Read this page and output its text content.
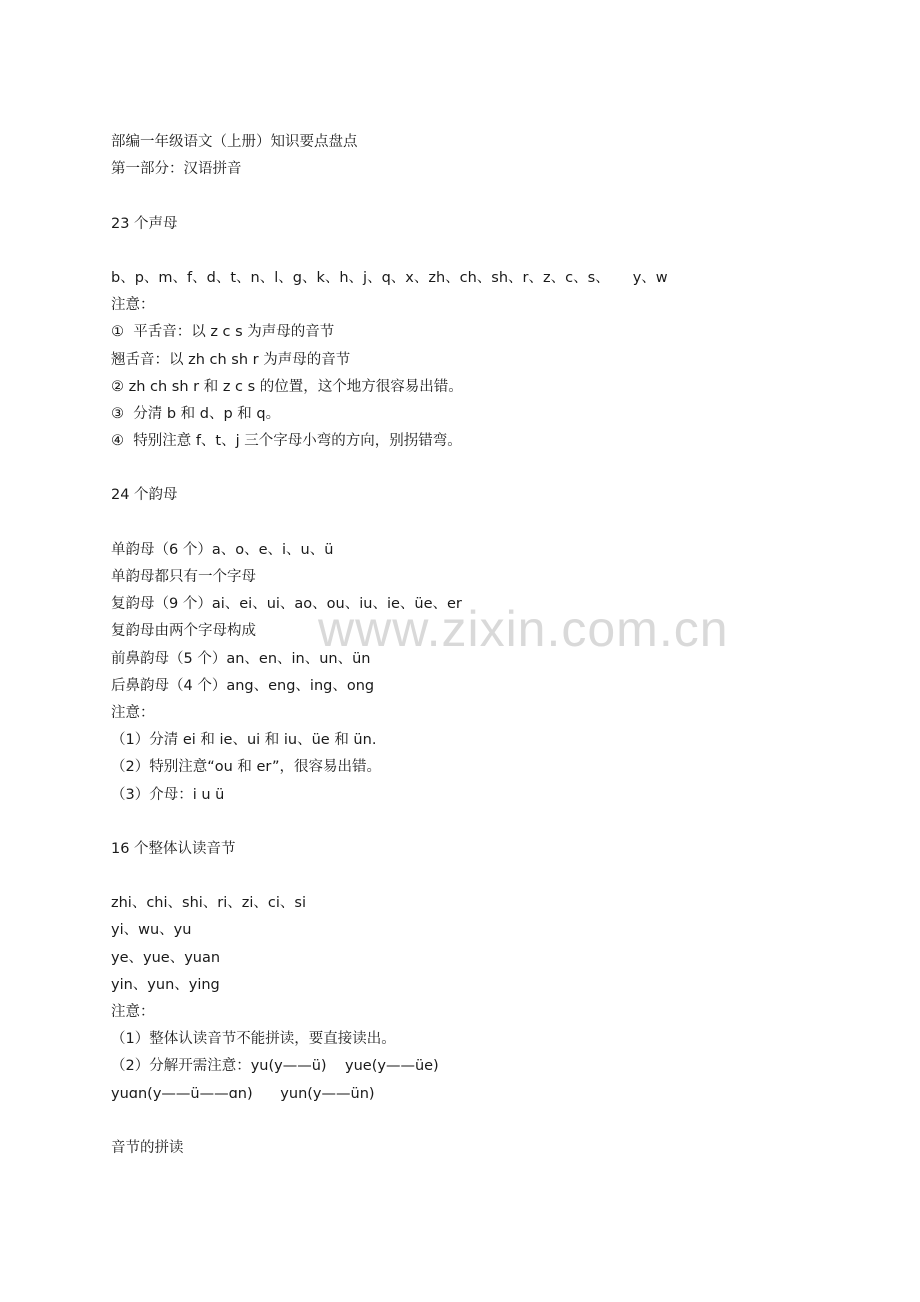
部编一年级语文（上册）知识要点盘点
第一部分：汉语拼音
23 个声母
b、p、m、f、d、t、n、l、g、k、h、j、q、x、zh、ch、sh、r、z、c、s、     y、w
注意：
①  平舌音：以 z c s 为声母的音节
翘舌音：以 zh ch sh r 为声母的音节
② zh ch sh r 和 z c s 的位置，这个地方很容易出错。
③  分清 b 和 d、p 和 q。
④  特别注意 f、t、j 三个字母小弯的方向，别拐错弯。
24 个韵母
单韵母（6 个）a、o、e、i、u、ü
单韵母都只有一个字母
复韵母（9 个）ai、ei、ui、ao、ou、iu、ie、üe、er
复韵母由两个字母构成
前鼻韵母（5 个）an、en、in、un、ün
后鼻韵母（4 个）ang、eng、ing、ong
注意：
（1）分清 ei 和 ie、ui 和 iu、üe 和 ün.
（2）特别注意“ou 和 er”，很容易出错。
（3）介母：i u ü
16 个整体认读音节
zhi、chi、shi、ri、zi、ci、si
yi、wu、yu
ye、yue、yuan
yin、yun、ying
注意：
（1）整体认读音节不能拼读，要直接读出。
（2）分解开需注意：yu(y——ü)    yue(y——üe)
yuɑn(y——ü——ɑn)      yun(y——ün)
音节的拼读
www.zixin.com.cn
